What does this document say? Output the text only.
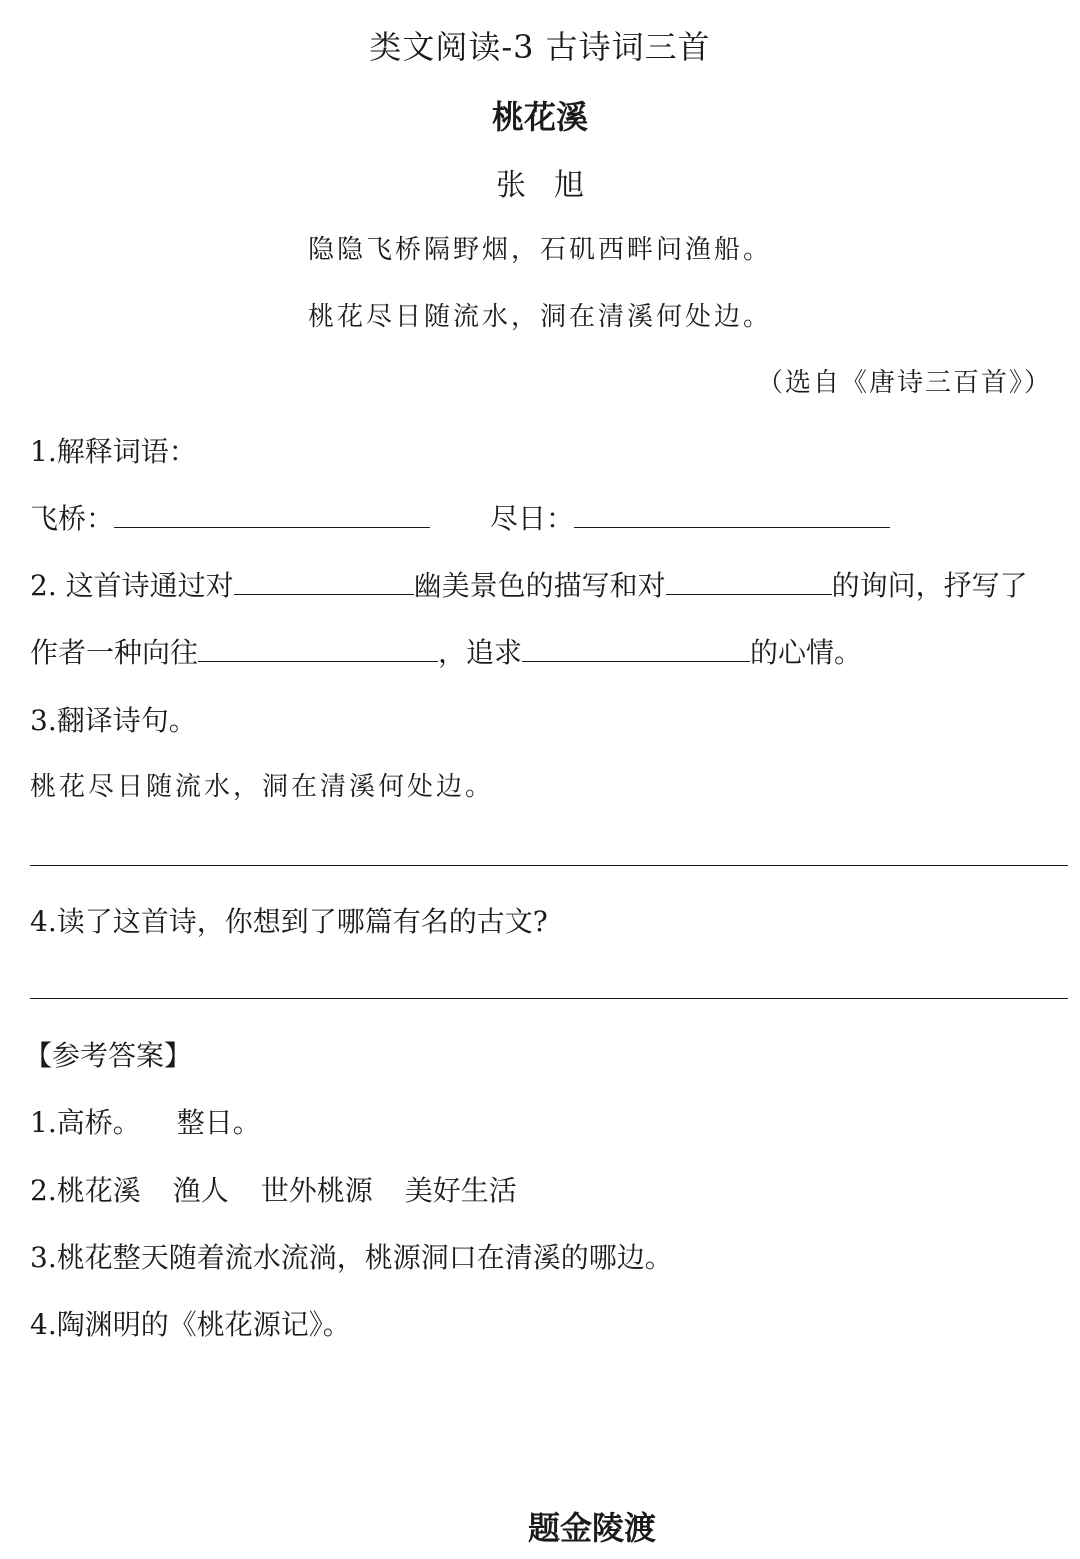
类文阅读-3 古诗词三首
桃花溪
张旭
隐隐飞桥隔野烟，石矶西畔问渔船。
桃花尽日随流水，洞在清溪何处边。
（选自《唐诗三百首》）
1.解释词语：
飞桥：	尽日：
2. 这首诗通过对	幽美景色的描写和对	的询问，抒写了
作者一种向往	，追求	的心情。
3.翻译诗句。
桃花尽日随流水，洞在清溪何处边。
4.读了这首诗，你想到了哪篇有名的古文?
【参考答案】
1.高桥。 整日。
2.桃花溪 渔人 世外桃源 美好生活
3.桃花整天随着流水流淌，桃源洞口在清溪的哪边。
4.陶渊明的《桃花源记》。
题金陵渡
